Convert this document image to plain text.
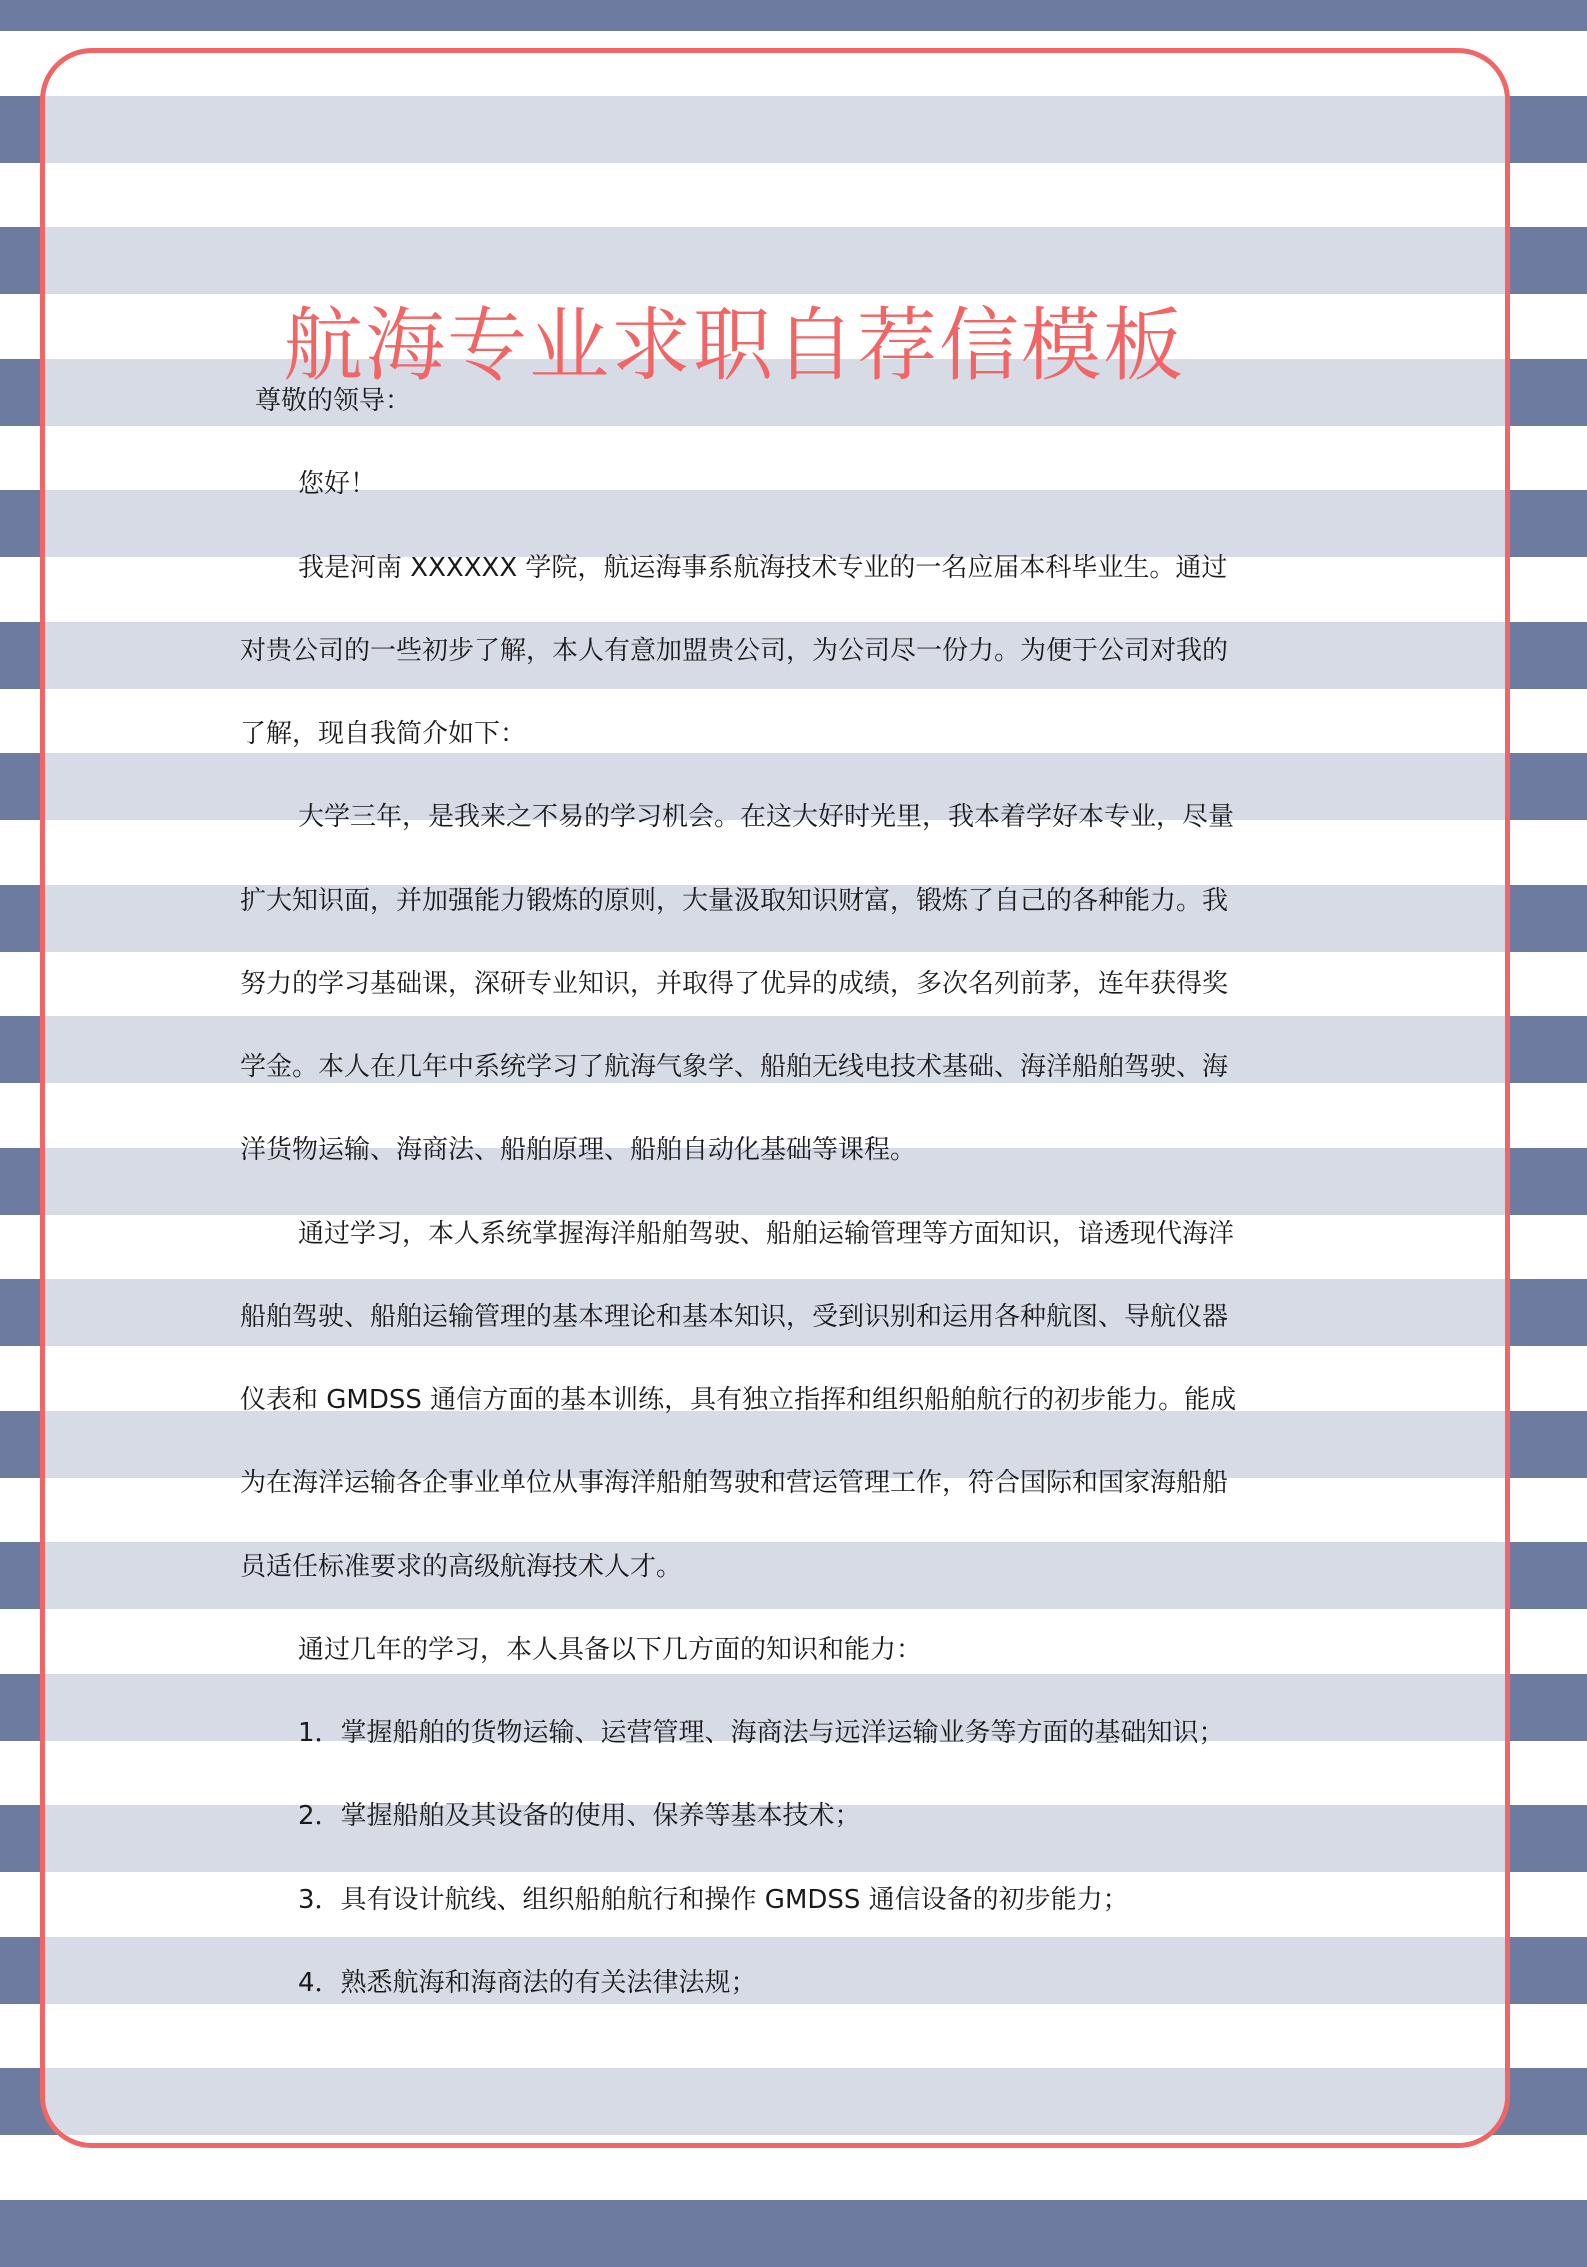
航海专业求职自荐信模板
尊敬的领导：
您好！
我是河南 XXXXXX 学院，航运海事系航海技术专业的一名应届本科毕业生。通过
对贵公司的一些初步了解，本人有意加盟贵公司，为公司尽一份力。为便于公司对我的
了解，现自我简介如下：
大学三年，是我来之不易的学习机会。在这大好时光里，我本着学好本专业，尽量
扩大知识面，并加强能力锻炼的原则，大量汲取知识财富，锻炼了自己的各种能力。我
努力的学习基础课，深研专业知识，并取得了优异的成绩，多次名列前茅，连年获得奖
学金。本人在几年中系统学习了航海气象学、船舶无线电技术基础、海洋船舶驾驶、海
洋货物运输、海商法、船舶原理、船舶自动化基础等课程。
通过学习，本人系统掌握海洋船舶驾驶、船舶运输管理等方面知识，谙透现代海洋
船舶驾驶、船舶运输管理的基本理论和基本知识，受到识别和运用各种航图、导航仪器
仪表和 GMDSS 通信方面的基本训练，具有独立指挥和组织船舶航行的初步能力。能成
为在海洋运输各企事业单位从事海洋船舶驾驶和营运管理工作，符合国际和国家海船船
员适任标准要求的高级航海技术人才。
通过几年的学习，本人具备以下几方面的知识和能力：
1．掌握船舶的货物运输、运营管理、海商法与远洋运输业务等方面的基础知识；
2．掌握船舶及其设备的使用、保养等基本技术；
3．具有设计航线、组织船舶航行和操作 GMDSS 通信设备的初步能力；
4．熟悉航海和海商法的有关法律法规；
